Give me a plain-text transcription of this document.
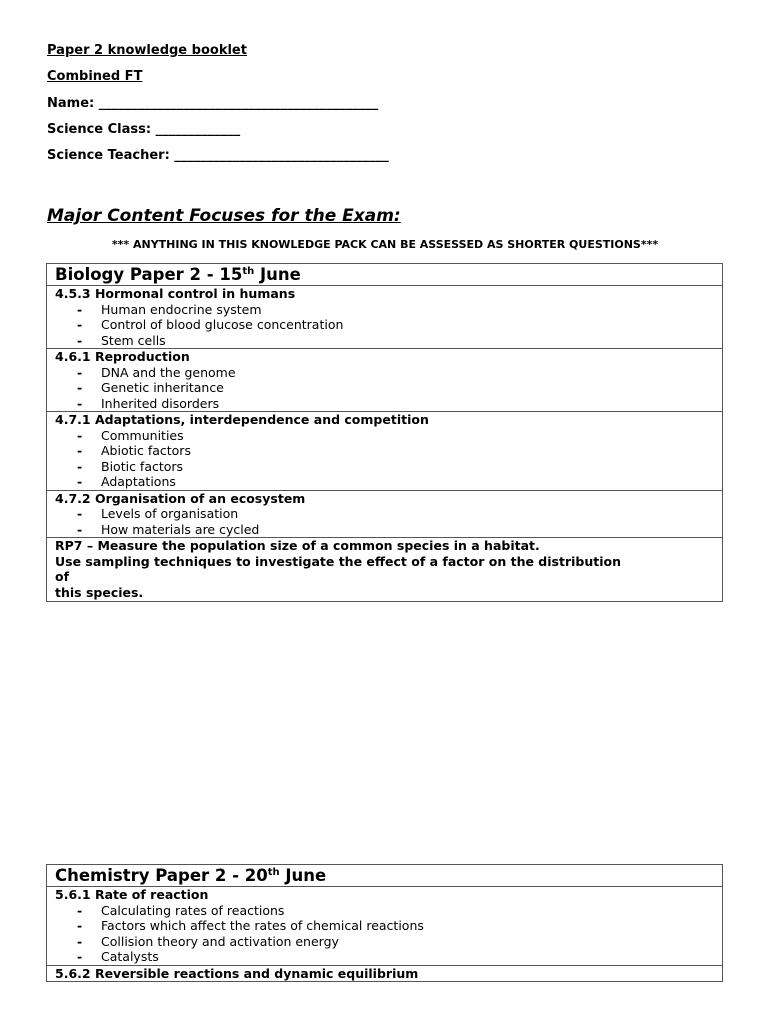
Paper 2 knowledge booklet
Combined FT
Name: ___________________________________________
Science Class: _____________
Science Teacher: _________________________________
Major Content Focuses for the Exam:
*** ANYTHING IN THIS KNOWLEDGE PACK CAN BE ASSESSED AS SHORTER QUESTIONS***
Biology Paper 2 - 15th June
4.5.3 Hormonal control in humans
- Human endocrine system
- Control of blood glucose concentration
- Stem cells
4.6.1 Reproduction
- DNA and the genome
- Genetic inheritance
- Inherited disorders
4.7.1 Adaptations, interdependence and competition
- Communities
- Abiotic factors
- Biotic factors
- Adaptations
4.7.2 Organisation of an ecosystem
- Levels of organisation
- How materials are cycled
RP7 – Measure the population size of a common species in a habitat.
Use sampling techniques to investigate the effect of a factor on the distribution
of
this species.
Chemistry Paper 2 - 20th June
5.6.1 Rate of reaction
- Calculating rates of reactions
- Factors which affect the rates of chemical reactions
- Collision theory and activation energy
- Catalysts
5.6.2 Reversible reactions and dynamic equilibrium
